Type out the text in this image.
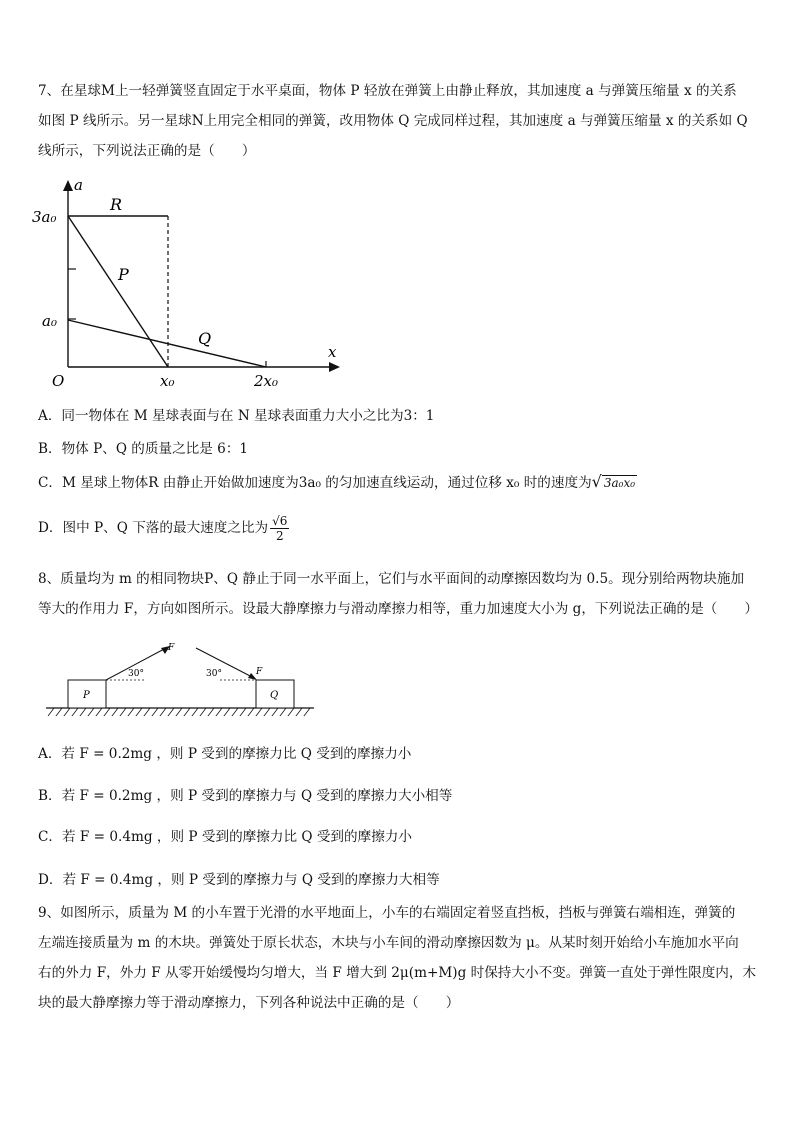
7、在星球M上一轻弹簧竖直固定于水平桌面，物体 P 轻放在弹簧上由静止释放，其加速度 a 与弹簧压缩量 x 的关系
如图 P 线所示。另一星球N上用完全相同的弹簧，改用物体 Q 完成同样过程，其加速度 a 与弹簧压缩量 x 的关系如 Q
线所示，下列说法正确的是（　　）
a
x
O
3a₀
a₀
x₀	2x₀
R
P
Q
A．同一物体在 M 星球表面与在 N 星球表面重力大小之比为3：1
B．物体 P、Q 的质量之比是 6：1
C．M 星球上物体R 由静止开始做加速度为3a₀ 的匀加速直线运动，通过位移 x₀ 时的速度为√ 3a₀x₀
D．图中 P、Q 下落的最大速度之比为 $\frac{√6}{2}$
8、质量均为 m 的相同物块P、Q 静止于同一水平面上，它们与水平面间的动摩擦因数均为 0.5。现分别给两物块施加
等大的作用力 F，方向如图所示。设最大静摩擦力与滑动摩擦力相等，重力加速度大小为 g，下列说法正确的是（　　）
P
F
30°
Q
F
30°
A．若 F = 0.2mg ，则 P 受到的摩擦力比 Q 受到的摩擦力小
B．若 F = 0.2mg ，则 P 受到的摩擦力与 Q 受到的摩擦力大小相等
C．若 F = 0.4mg ，则 P 受到的摩擦力比 Q 受到的摩擦力小
D．若 F = 0.4mg ，则 P 受到的摩擦力与 Q 受到的摩擦力大相等
9、如图所示，质量为 M 的小车置于光滑的水平地面上，小车的右端固定着竖直挡板，挡板与弹簧右端相连，弹簧的
左端连接质量为 m 的木块。弹簧处于原长状态，木块与小车间的滑动摩擦因数为 μ。从某时刻开始给小车施加水平向
右的外力 F，外力 F 从零开始缓慢均匀增大，当 F 增大到 2μ(m+M)g 时保持大小不变。弹簧一直处于弹性限度内，木
块的最大静摩擦力等于滑动摩擦力，下列各种说法中正确的是（　　）
